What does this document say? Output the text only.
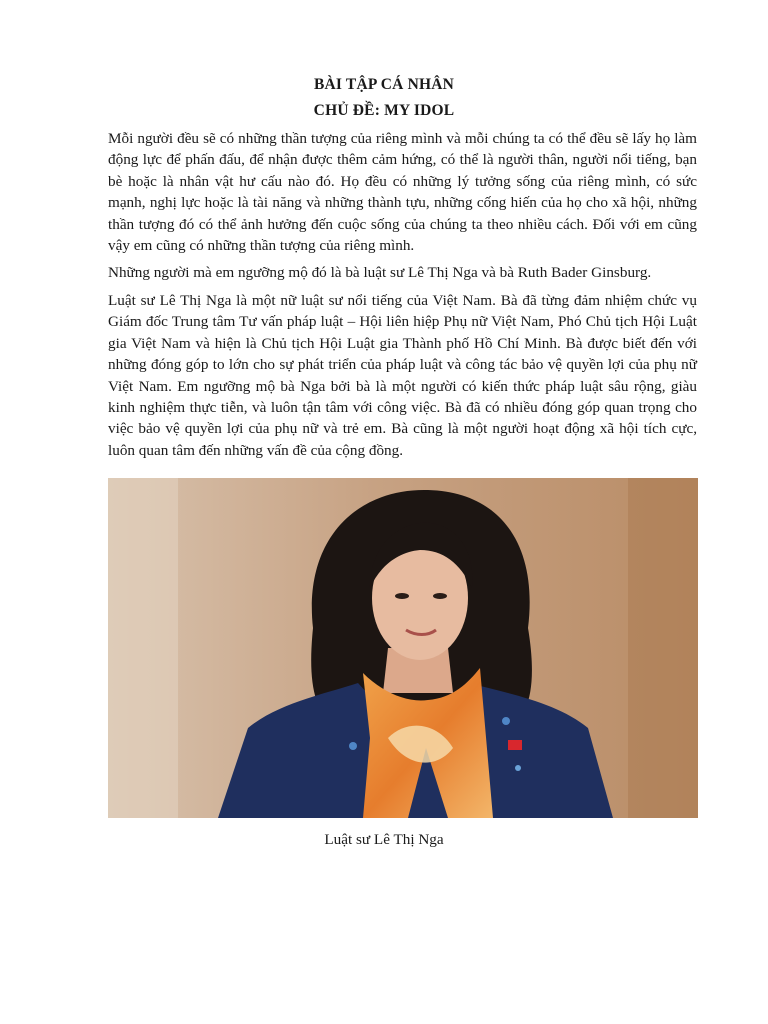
BÀI TẬP CÁ NHÂN
CHỦ ĐỀ: MY IDOL

Mỗi người đều sẽ có những thần tượng của riêng mình và mỗi chúng ta có thể đều sẽ lấy họ làm động lực để phấn đấu, để nhận được thêm cảm hứng, có thể là người thân, người nổi tiếng, bạn bè hoặc là nhân vật hư cấu nào đó. Họ đều có những lý tưởng sống của riêng mình, có sức mạnh, nghị lực hoặc là tài năng và những thành tựu, những cống hiến của họ cho xã hội, những thần tượng đó có thể ảnh hưởng đến cuộc sống của chúng ta theo nhiều cách. Đối với em cũng vậy em cũng có những thần tượng của riêng mình.

Những người mà em ngưỡng mộ đó là bà luật sư Lê Thị Nga và bà Ruth Bader Ginsburg.

Luật sư Lê Thị Nga là một nữ luật sư nổi tiếng của Việt Nam. Bà đã từng đảm nhiệm chức vụ Giám đốc Trung tâm Tư vấn pháp luật – Hội liên hiệp Phụ nữ Việt Nam, Phó Chủ tịch Hội Luật gia Việt Nam và hiện là Chủ tịch Hội Luật gia Thành phố Hồ Chí Minh. Bà được biết đến với những đóng góp to lớn cho sự phát triển của pháp luật và công tác bảo vệ quyền lợi của phụ nữ Việt Nam. Em ngưỡng mộ bà Nga bởi bà là một người có kiến thức pháp luật sâu rộng, giàu kinh nghiệm thực tiễn, và luôn tận tâm với công việc. Bà đã có nhiều đóng góp quan trọng cho việc bảo vệ quyền lợi của phụ nữ và trẻ em. Bà cũng là một người hoạt động xã hội tích cực, luôn quan tâm đến những vấn đề của cộng đồng.

Luật sư Lê Thị Nga
